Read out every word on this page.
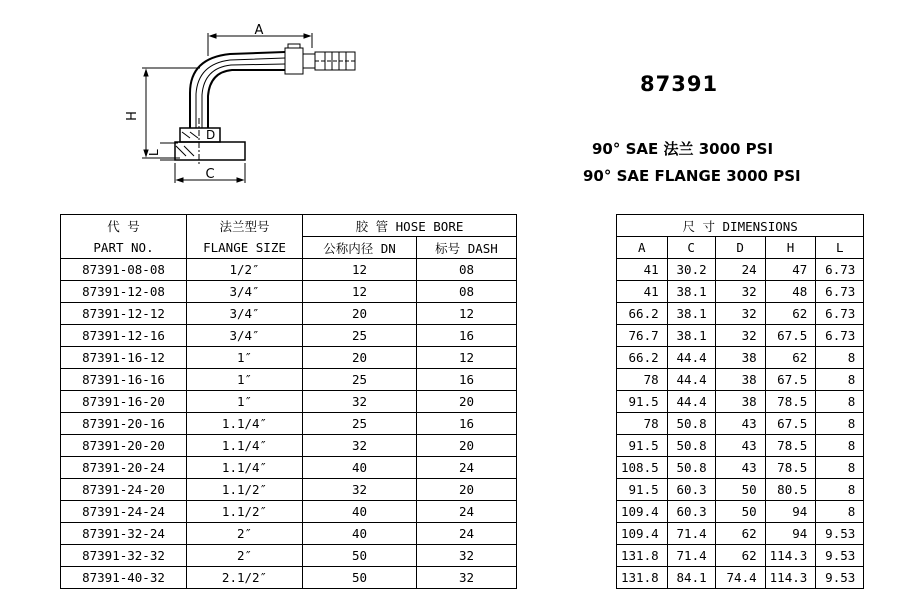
A
H
D
L
C
87391
90° SAE 法兰 3000 PSI
90° SAE FLANGE 3000 PSI
代 号	法兰型号	胶 管 HOSE BORE			尺 寸 DIMENSIONS				
PART NO.	FLANGE SIZE	公称内径 DN	标号 DASH		A	C	D	H	L
87391-08-08	1/2″	12	08		41	30.2	24	47	6.73
87391-12-08	3/4″	12	08		41	38.1	32	48	6.73
87391-12-12	3/4″	20	12		66.2	38.1	32	62	6.73
87391-12-16	3/4″	25	16		76.7	38.1	32	67.5	6.73
87391-16-12	1″	20	12		66.2	44.4	38	62	8
87391-16-16	1″	25	16		78	44.4	38	67.5	8
87391-16-20	1″	32	20		91.5	44.4	38	78.5	8
87391-20-16	1.1/4″	25	16		78	50.8	43	67.5	8
87391-20-20	1.1/4″	32	20		91.5	50.8	43	78.5	8
87391-20-24	1.1/4″	40	24		108.5	50.8	43	78.5	8
87391-24-20	1.1/2″	32	20		91.5	60.3	50	80.5	8
87391-24-24	1.1/2″	40	24		109.4	60.3	50	94	8
87391-32-24	2″	40	24		109.4	71.4	62	94	9.53
87391-32-32	2″	50	32		131.8	71.4	62	114.3	9.53
87391-40-32	2.1/2″	50	32		131.8	84.1	74.4	114.3	9.53
